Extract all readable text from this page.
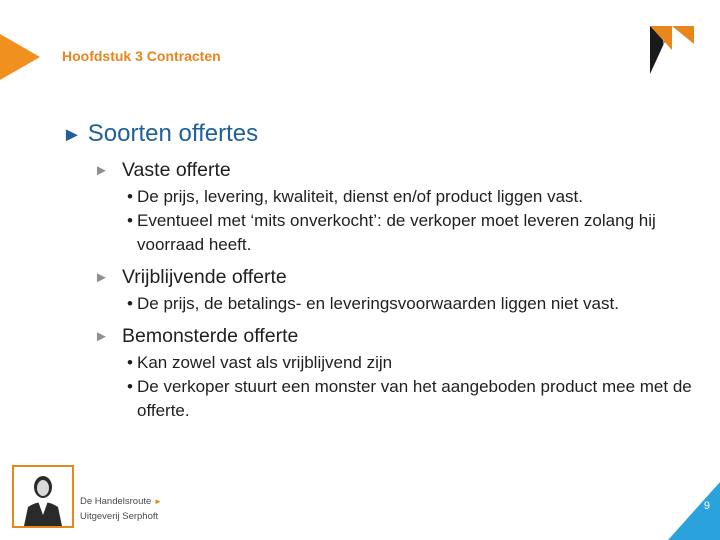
L	a
Hoofdstuk 3 Contracten
► Soorten offertes
► Vaste offerte
• De prijs, levering, kwaliteit, dienst en/of product liggen vast.
• Eventueel met ‘mits onverkocht’: de verkoper moet leveren zolang hij voorraad heeft.
► Vrijblijvende offerte
• De prijs, de betalings- en leveringsvoorwaarden liggen niet vast.
► Bemonsterde offerte
• Kan zowel vast als vrijblijvend zijn
• De verkoper stuurt een monster van het aangeboden product mee met de offerte.
De Handelsroute ►
Uitgeverij Serphoft
9
